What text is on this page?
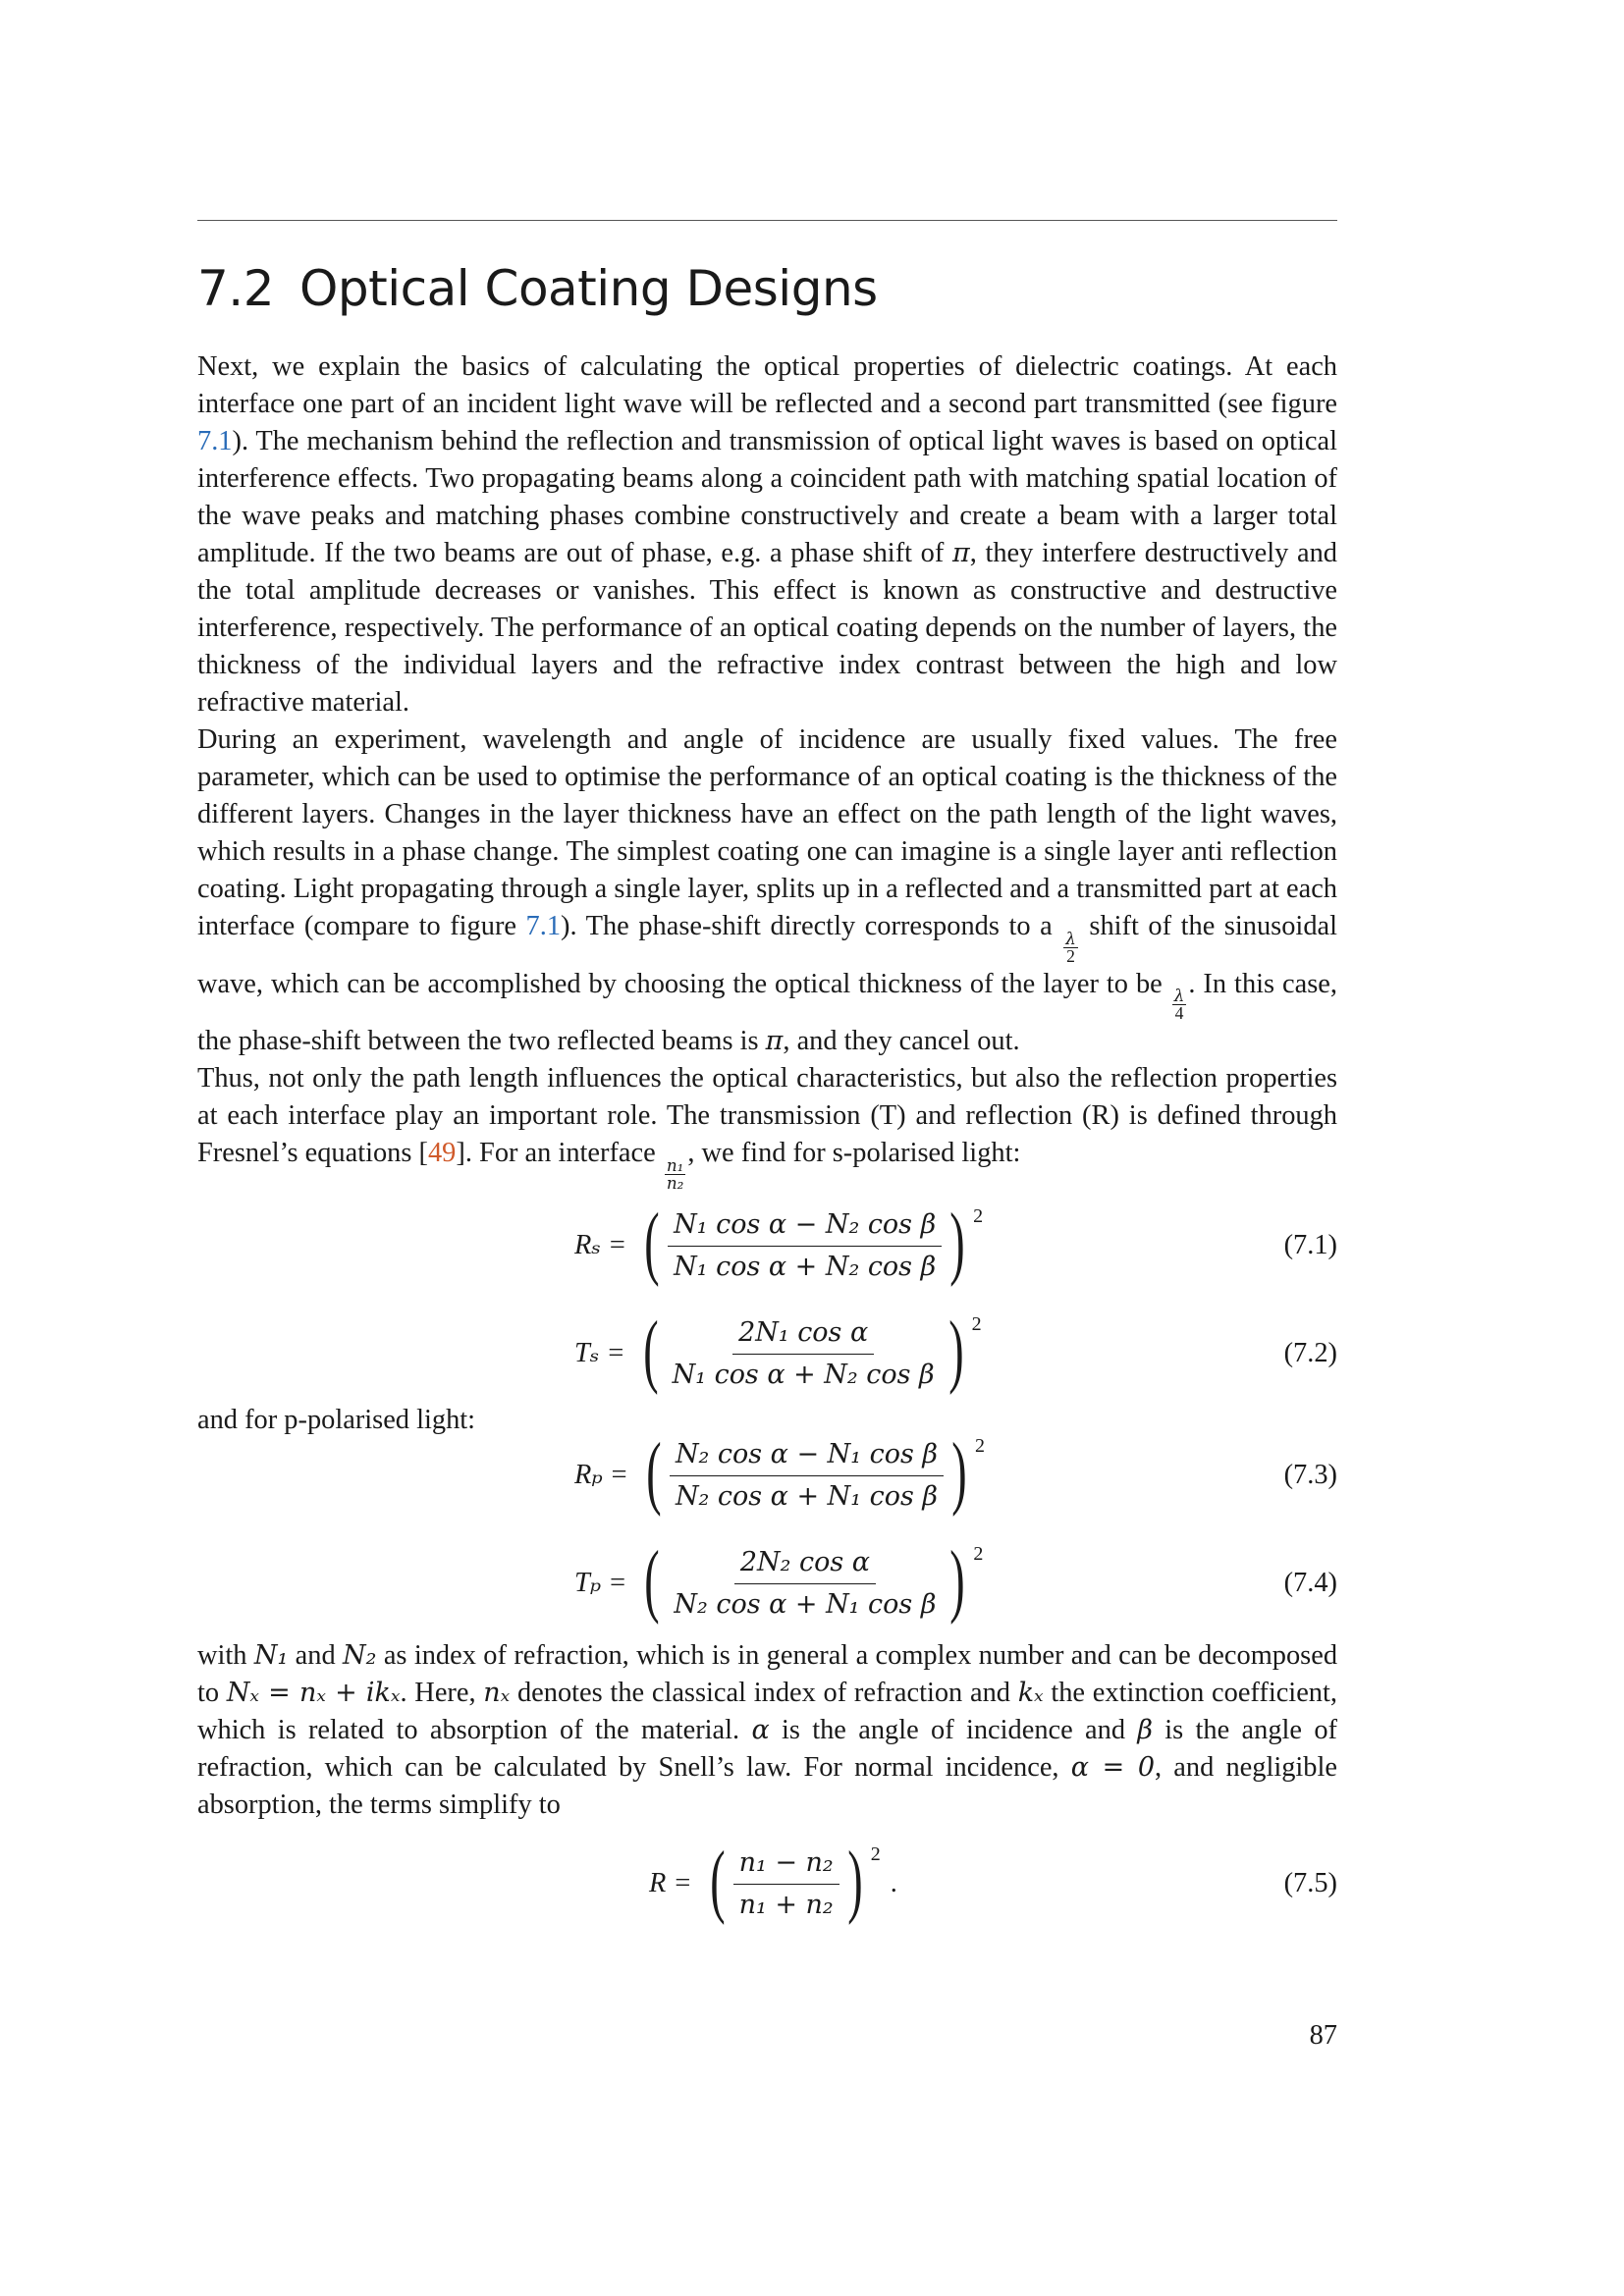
7.2 Optical Coating Designs

Next, we explain the basics of calculating the optical properties of dielectric coatings. At each interface one part of an incident light wave will be reflected and a second part transmitted (see figure 7.1). The mechanism behind the reflection and transmission of optical light waves is based on optical interference effects. Two propagating beams along a coincident path with matching spatial location of the wave peaks and matching phases combine constructively and create a beam with a larger total amplitude. If the two beams are out of phase, e.g. a phase shift of π, they interfere destructively and the total amplitude decreases or vanishes. This effect is known as constructive and destructive interference, respectively. The performance of an optical coating depends on the number of layers, the thickness of the individual layers and the refractive index contrast between the high and low refractive material.

During an experiment, wavelength and angle of incidence are usually fixed values. The free parameter, which can be used to optimise the performance of an optical coating is the thickness of the different layers. Changes in the layer thickness have an effect on the path length of the light waves, which results in a phase change. The simplest coating one can imagine is a single layer anti reflection coating. Light propagating through a single layer, splits up in a reflected and a transmitted part at each interface (compare to figure 7.1). The phase-shift directly corresponds to a
$\frac{\lambda}{2}$
shift of the sinusoidal wave, which can be accomplished by choosing the optical thickness of the layer to be
$\frac{\lambda}{4}$
. In this case, the phase-shift between the two reflected beams is π, and they cancel out.

Thus, not only the path length influences the optical characteristics, but also the reflection properties at each interface play an important role. The transmission (T) and reflection (R) is defined through Fresnel’s equations [49]. For an interface
$\frac{\text{n₁}}{\text{n₂}}$
, we find for s-polarised light:

Rₛ = ( $\frac{\text{N₁ cos α − N₂ cos β}}{\text{N₁ cos α + N₂ cos β}}$ ) 2
(7.1)
Tₛ = ( $\frac{\text{2N₁ cos α}}{\text{N₁ cos α + N₂ cos β}}$ ) 2
(7.2)

and for p-polarised light:

Rₚ = ( $\frac{\text{N₂ cos α − N₁ cos β}}{\text{N₂ cos α + N₁ cos β}}$ ) 2
(7.3)
Tₚ = ( $\frac{\text{2N₂ cos α}}{\text{N₂ cos α + N₁ cos β}}$ ) 2
(7.4)

with N₁ and N₂ as index of refraction, which is in general a complex number and can be decomposed to Nₓ = nₓ + ikₓ. Here, nₓ denotes the classical index of refraction and kₓ the extinction coefficient, which is related to absorption of the material. α is the angle of incidence and β is the angle of refraction, which can be calculated by Snell’s law. For normal incidence, α = 0, and negligible absorption, the terms simplify to

R = ( $\frac{\text{n₁ − n₂}}{\text{n₁ + n₂}}$ ) 2
.	(7.5)
87
